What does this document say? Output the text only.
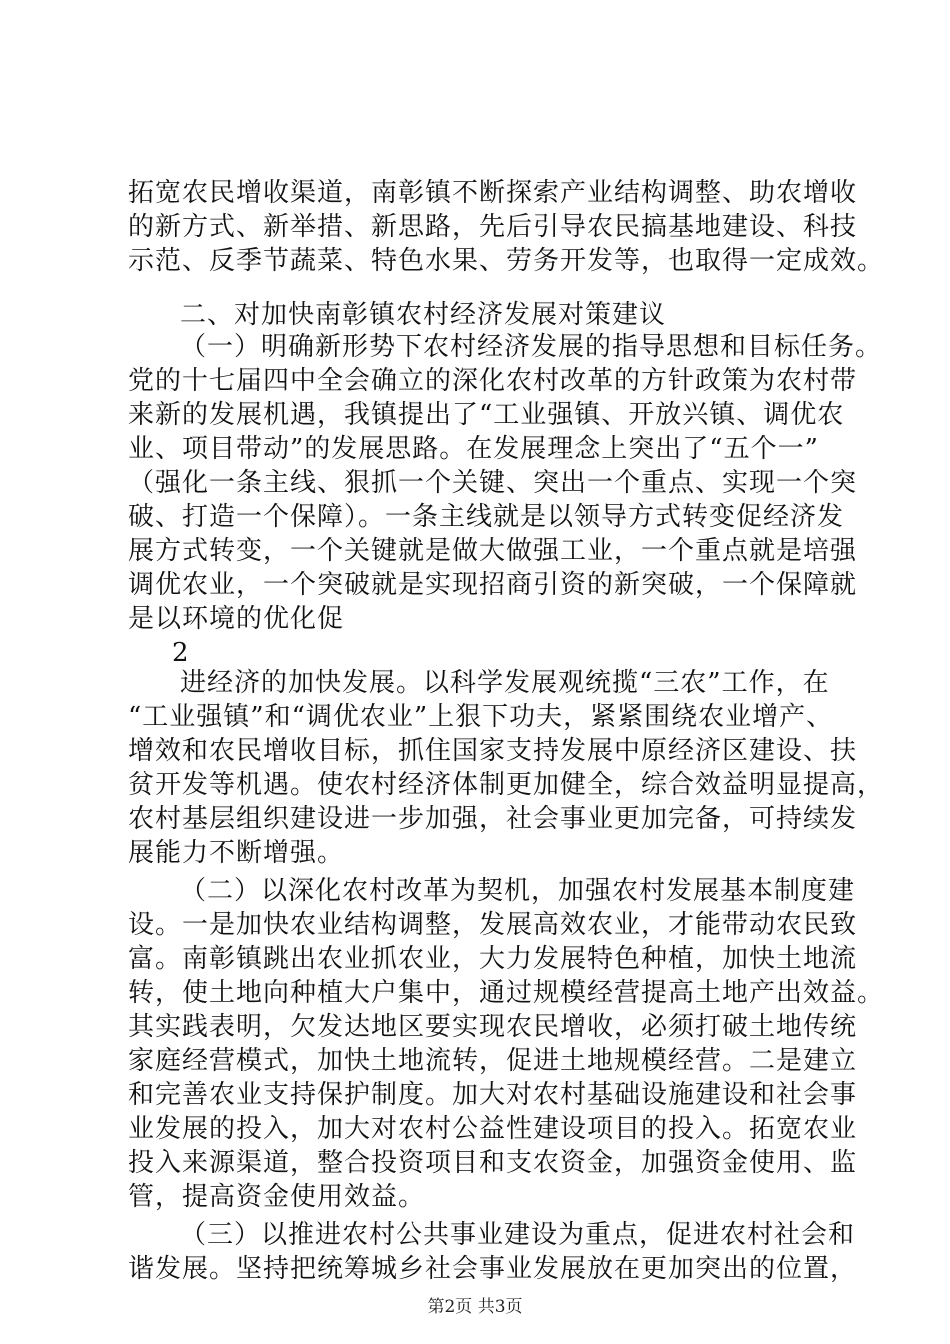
拓宽农民增收渠道，南彰镇不断探索产业结构调整、助农增收
的新方式、新举措、新思路，先后引导农民搞基地建设、科技
示范、反季节蔬菜、特色水果、劳务开发等，也取得一定成效。
二、对加快南彰镇农村经济发展对策建议
（一）明确新形势下农村经济发展的指导思想和目标任务。
党的十七届四中全会确立的深化农村改革的方针政策为农村带
来新的发展机遇，我镇提出了“工业强镇、开放兴镇、调优农
业、项目带动”的发展思路。在发展理念上突出了“五个一”
（强化一条主线、狠抓一个关键、突出一个重点、实现一个突
破、打造一个保障）。一条主线就是以领导方式转变促经济发
展方式转变，一个关键就是做大做强工业，一个重点就是培强
调优农业，一个突破就是实现招商引资的新突破，一个保障就
是以环境的优化促
2
进经济的加快发展。以科学发展观统揽“三农”工作，在
“工业强镇”和“调优农业”上狠下功夫，紧紧围绕农业增产、
增效和农民增收目标，抓住国家支持发展中原经济区建设、扶
贫开发等机遇。使农村经济体制更加健全，综合效益明显提高，
农村基层组织建设进一步加强，社会事业更加完备，可持续发
展能力不断增强。
（二）以深化农村改革为契机，加强农村发展基本制度建
设。一是加快农业结构调整，发展高效农业，才能带动农民致
富。南彰镇跳出农业抓农业，大力发展特色种植，加快土地流
转，使土地向种植大户集中，通过规模经营提高土地产出效益。
其实践表明，欠发达地区要实现农民增收，必须打破土地传统
家庭经营模式，加快土地流转，促进土地规模经营。二是建立
和完善农业支持保护制度。加大对农村基础设施建设和社会事
业发展的投入，加大对农村公益性建设项目的投入。拓宽农业
投入来源渠道，整合投资项目和支农资金，加强资金使用、监
管，提高资金使用效益。
（三）以推进农村公共事业建设为重点，促进农村社会和
谐发展。坚持把统筹城乡社会事业发展放在更加突出的位置，
第2页 共3页
